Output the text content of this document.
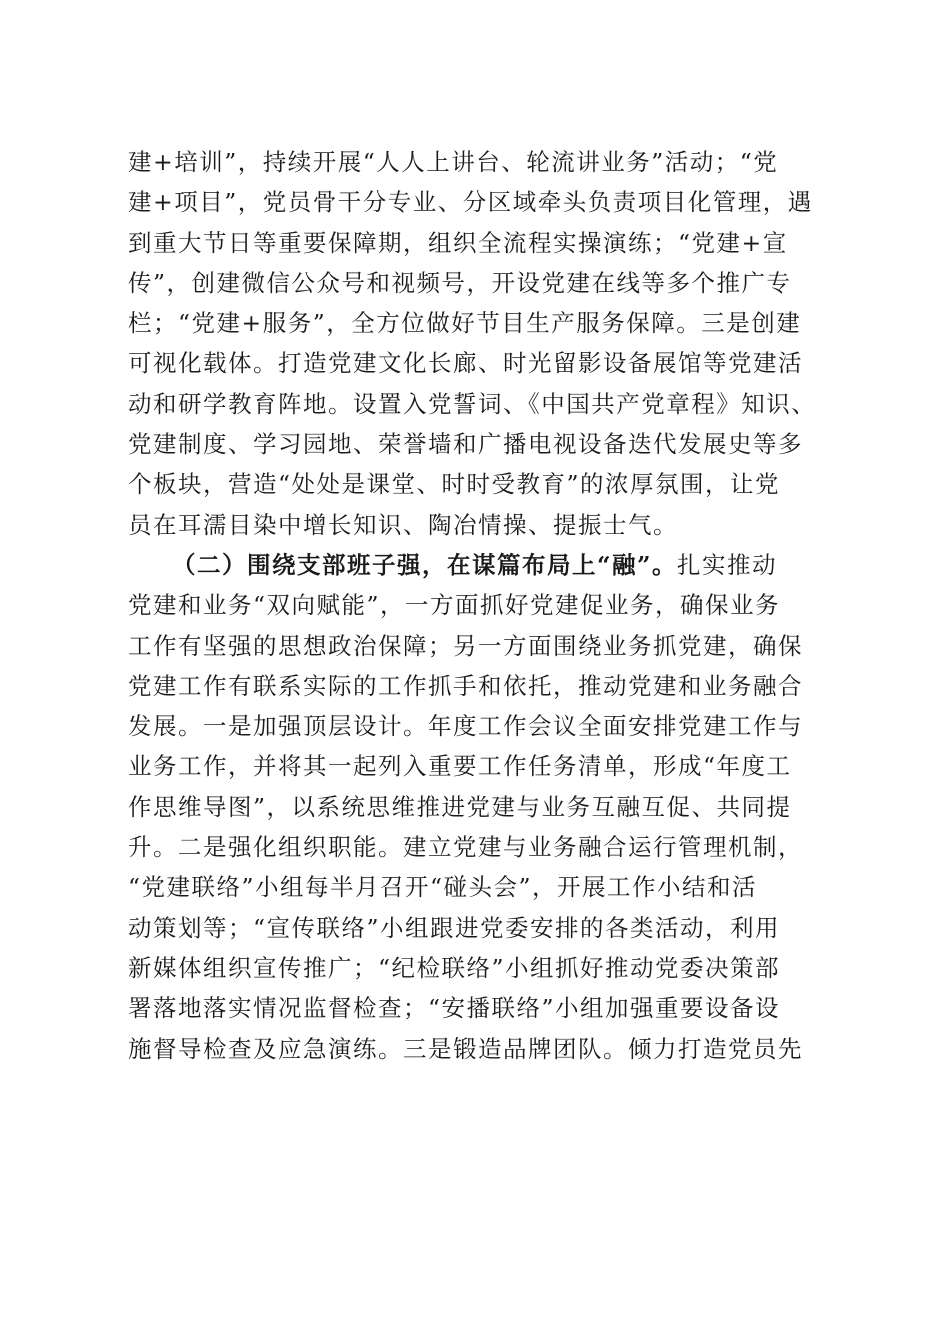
建+培训”，持续开展“人人上讲台、轮流讲业务”活动；“党
建+项目”，党员骨干分专业、分区域牵头负责项目化管理，遇
到重大节日等重要保障期，组织全流程实操演练；“党建+宣
传”，创建微信公众号和视频号，开设党建在线等多个推广专
栏；“党建+服务”，全方位做好节目生产服务保障。三是创建
可视化载体。打造党建文化长廊、时光留影设备展馆等党建活
动和研学教育阵地。设置入党誓词、《中国共产党章程》知识、
党建制度、学习园地、荣誉墙和广播电视设备迭代发展史等多
个板块，营造“处处是课堂、时时受教育”的浓厚氛围，让党
员在耳濡目染中增长知识、陶冶情操、提振士气。
（二）围绕支部班子强，在谋篇布局上“融”。扎实推动
党建和业务“双向赋能”，一方面抓好党建促业务，确保业务
工作有坚强的思想政治保障；另一方面围绕业务抓党建，确保
党建工作有联系实际的工作抓手和依托，推动党建和业务融合
发展。一是加强顶层设计。年度工作会议全面安排党建工作与
业务工作，并将其一起列入重要工作任务清单，形成“年度工
作思维导图”，以系统思维推进党建与业务互融互促、共同提
升。二是强化组织职能。建立党建与业务融合运行管理机制，
“党建联络”小组每半月召开“碰头会”，开展工作小结和活
动策划等；“宣传联络”小组跟进党委安排的各类活动，利用
新媒体组织宣传推广；“纪检联络”小组抓好推动党委决策部
署落地落实情况监督检查；“安播联络”小组加强重要设备设
施督导检查及应急演练。三是锻造品牌团队。倾力打造党员先
